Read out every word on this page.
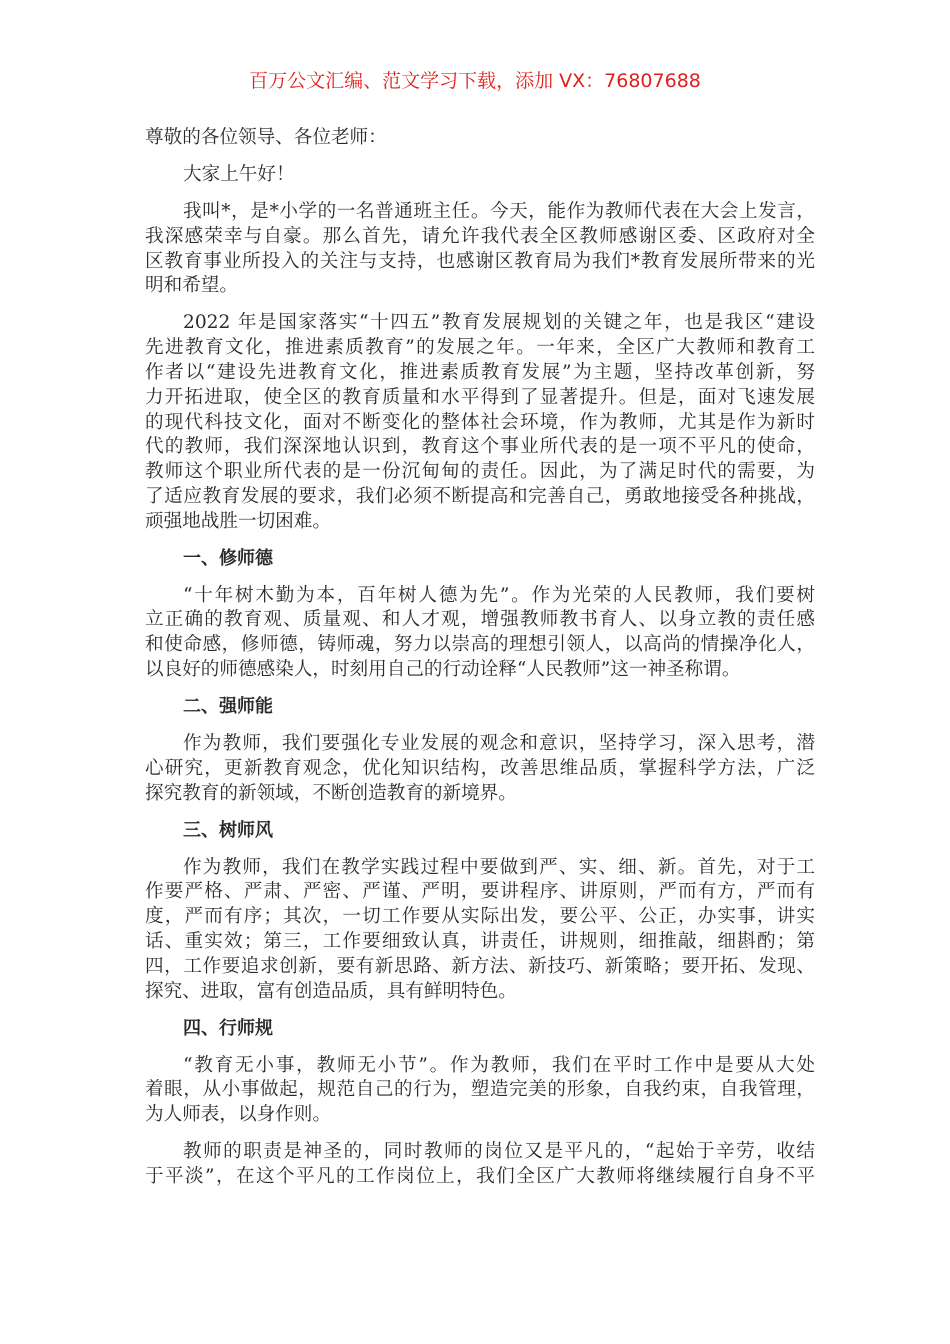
百万公文汇编、范文学习下载，添加 VX：76807688
尊敬的各位领导、各位老师：
大家上午好！
我叫*，是*小学的一名普通班主任。今天，能作为教师代表在大会上发言，
我深感荣幸与自豪。那么首先，请允许我代表全区教师感谢区委、区政府对全
区教育事业所投入的关注与支持，也感谢区教育局为我们*教育发展所带来的光
明和希望。
2022 年是国家落实“十四五”教育发展规划的关键之年，也是我区“建设
先进教育文化，推进素质教育”的发展之年。一年来，全区广大教师和教育工
作者以“建设先进教育文化，推进素质教育发展”为主题，坚持改革创新，努
力开拓进取，使全区的教育质量和水平得到了显著提升。但是，面对飞速发展
的现代科技文化，面对不断变化的整体社会环境，作为教师，尤其是作为新时
代的教师，我们深深地认识到，教育这个事业所代表的是一项不平凡的使命，
教师这个职业所代表的是一份沉甸甸的责任。因此，为了满足时代的需要，为
了适应教育发展的要求，我们必须不断提高和完善自己，勇敢地接受各种挑战，
顽强地战胜一切困难。
一、修师德
“十年树木勤为本，百年树人德为先”。作为光荣的人民教师，我们要树
立正确的教育观、质量观、和人才观，增强教师教书育人、以身立教的责任感
和使命感，修师德，铸师魂，努力以崇高的理想引领人，以高尚的情操净化人，
以良好的师德感染人，时刻用自己的行动诠释“人民教师”这一神圣称谓。
二、强师能
作为教师，我们要强化专业发展的观念和意识，坚持学习，深入思考，潜
心研究，更新教育观念，优化知识结构，改善思维品质，掌握科学方法，广泛
探究教育的新领域，不断创造教育的新境界。
三、树师风
作为教师，我们在教学实践过程中要做到严、实、细、新。首先，对于工
作要严格、严肃、严密、严谨、严明，要讲程序、讲原则，严而有方，严而有
度，严而有序；其次，一切工作要从实际出发，要公平、公正，办实事，讲实
话、重实效；第三，工作要细致认真，讲责任，讲规则，细推敲，细斟酌；第
四，工作要追求创新，要有新思路、新方法、新技巧、新策略；要开拓、发现、
探究、进取，富有创造品质，具有鲜明特色。
四、行师规
“教育无小事，教师无小节”。作为教师，我们在平时工作中是要从大处
着眼，从小事做起，规范自己的行为，塑造完美的形象，自我约束，自我管理，
为人师表，以身作则。
教师的职责是神圣的，同时教师的岗位又是平凡的，“起始于辛劳，收结
于平淡”，在这个平凡的工作岗位上，我们全区广大教师将继续履行自身不平
